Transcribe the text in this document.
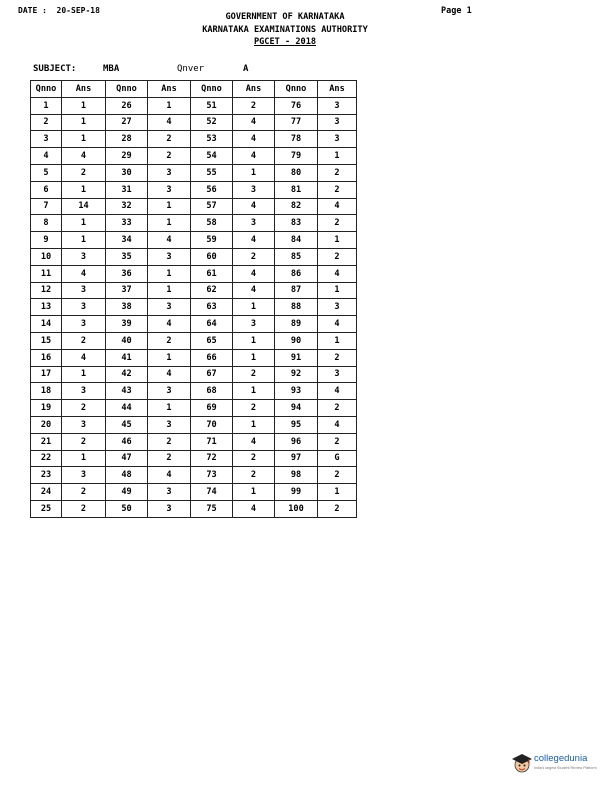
DATE : 20-SEP-18	Page 1
GOVERNMENT OF KARNATAKA
KARNATAKA EXAMINATIONS AUTHORITY
PGCET - 2018
SUBJECT:	MBA	Qnver	A
Qnno	Ans	Qnno	Ans	Qnno	Ans	Qnno	Ans
1	1	26	1	51	2	76	3
2	1	27	4	52	4	77	3
3	1	28	2	53	4	78	3
4	4	29	2	54	4	79	1
5	2	30	3	55	1	80	2
6	1	31	3	56	3	81	2
7	14	32	1	57	4	82	4
8	1	33	1	58	3	83	2
9	1	34	4	59	4	84	1
10	3	35	3	60	2	85	2
11	4	36	1	61	4	86	4
12	3	37	1	62	4	87	1
13	3	38	3	63	1	88	3
14	3	39	4	64	3	89	4
15	2	40	2	65	1	90	1
16	4	41	1	66	1	91	2
17	1	42	4	67	2	92	3
18	3	43	3	68	1	93	4
19	2	44	1	69	2	94	2
20	3	45	3	70	1	95	4
21	2	46	2	71	4	96	2
22	1	47	2	72	2	97	G
23	3	48	4	73	2	98	2
24	2	49	3	74	1	99	1
25	2	50	3	75	4	100	2
collegedunia
India's largest Student Review Platform
